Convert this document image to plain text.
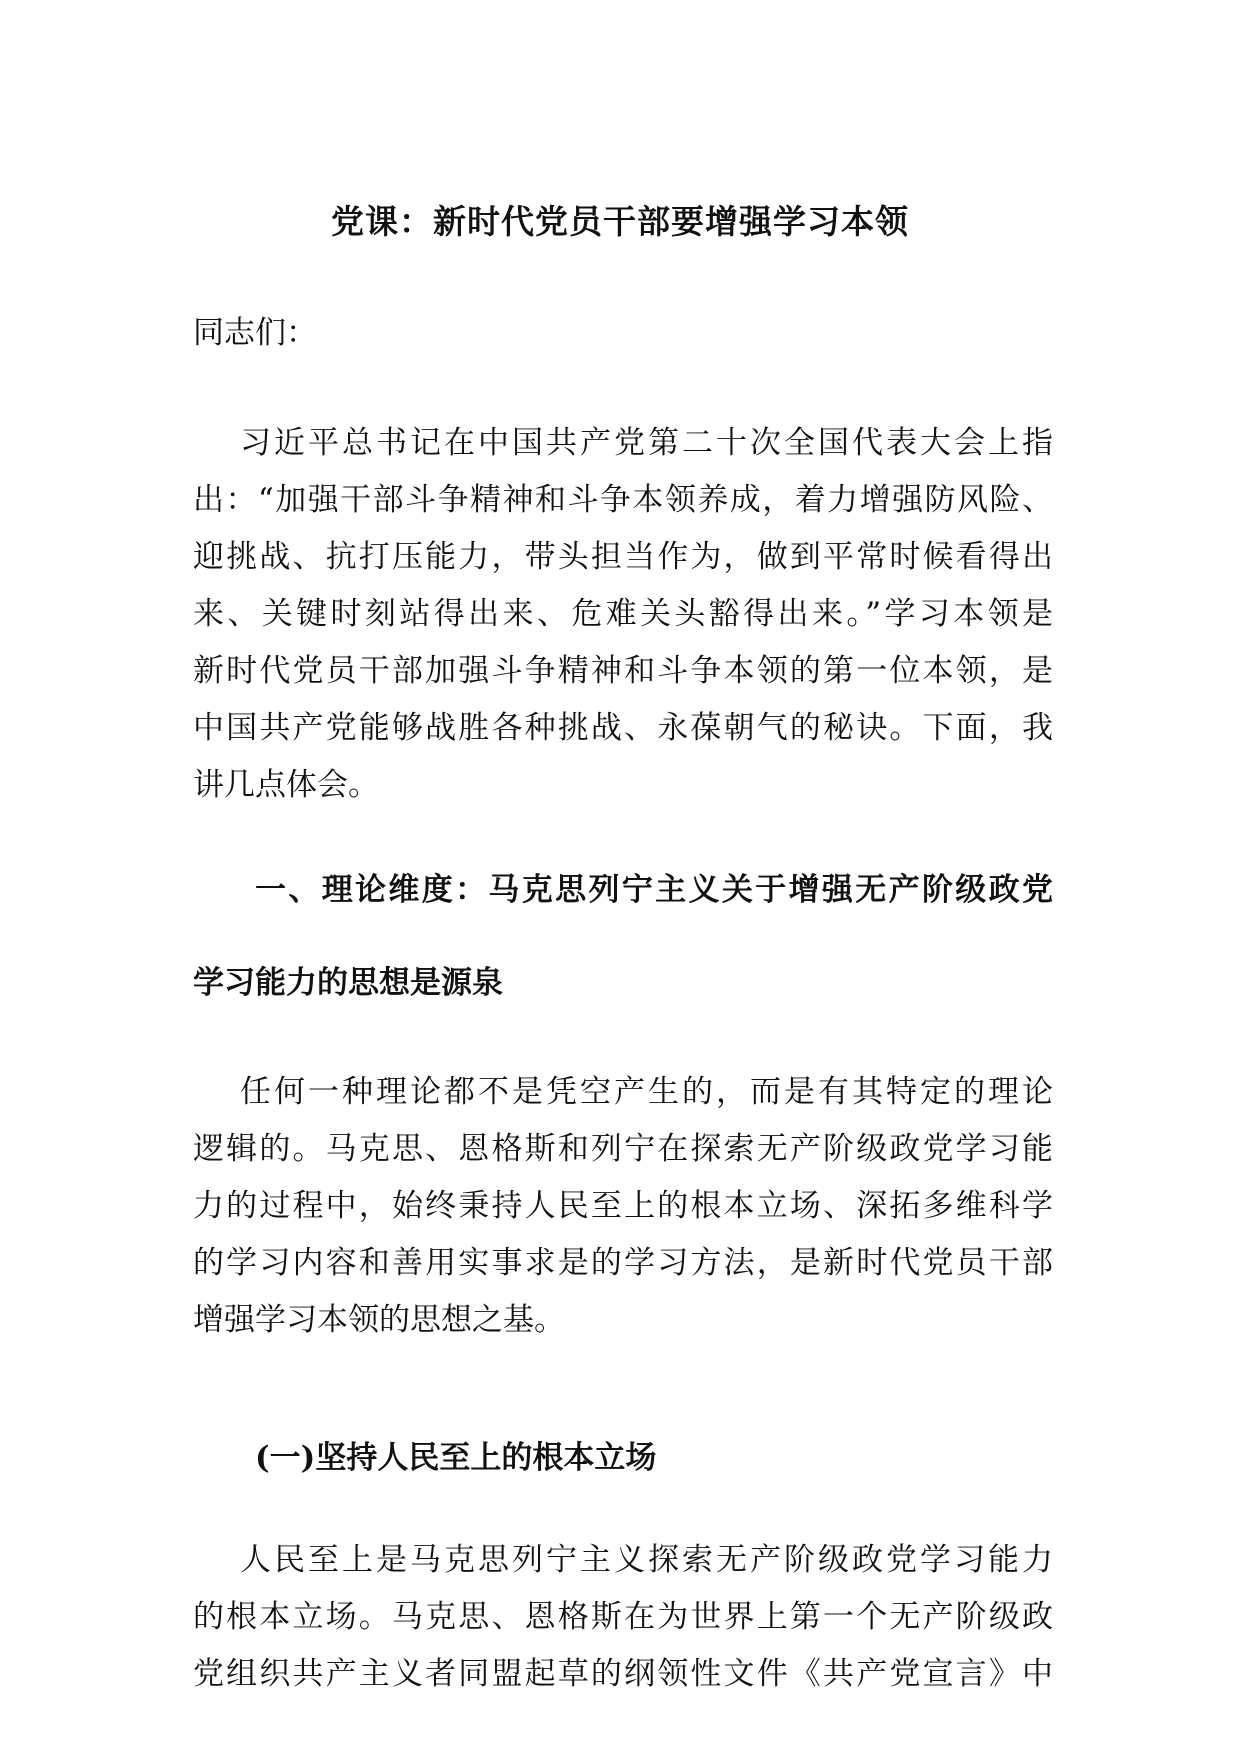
党课：新时代党员干部要增强学习本领
同志们：
习近平总书记在中国共产党第二十次全国代表大会上指
出：“加强干部斗争精神和斗争本领养成，着力增强防风险、
迎挑战、抗打压能力，带头担当作为，做到平常时候看得出
来、关键时刻站得出来、危难关头豁得出来。”学习本领是
新时代党员干部加强斗争精神和斗争本领的第一位本领，是
中国共产党能够战胜各种挑战、永葆朝气的秘诀。下面，我
讲几点体会。
一、理论维度：马克思列宁主义关于增强无产阶级政党
学习能力的思想是源泉
任何一种理论都不是凭空产生的，而是有其特定的理论
逻辑的。马克思、恩格斯和列宁在探索无产阶级政党学习能
力的过程中，始终秉持人民至上的根本立场、深拓多维科学
的学习内容和善用实事求是的学习方法，是新时代党员干部
增强学习本领的思想之基。
(一)坚持人民至上的根本立场
人民至上是马克思列宁主义探索无产阶级政党学习能力
的根本立场。马克思、恩格斯在为世界上第一个无产阶级政
党组织共产主义者同盟起草的纲领性文件《共产党宣言》中
